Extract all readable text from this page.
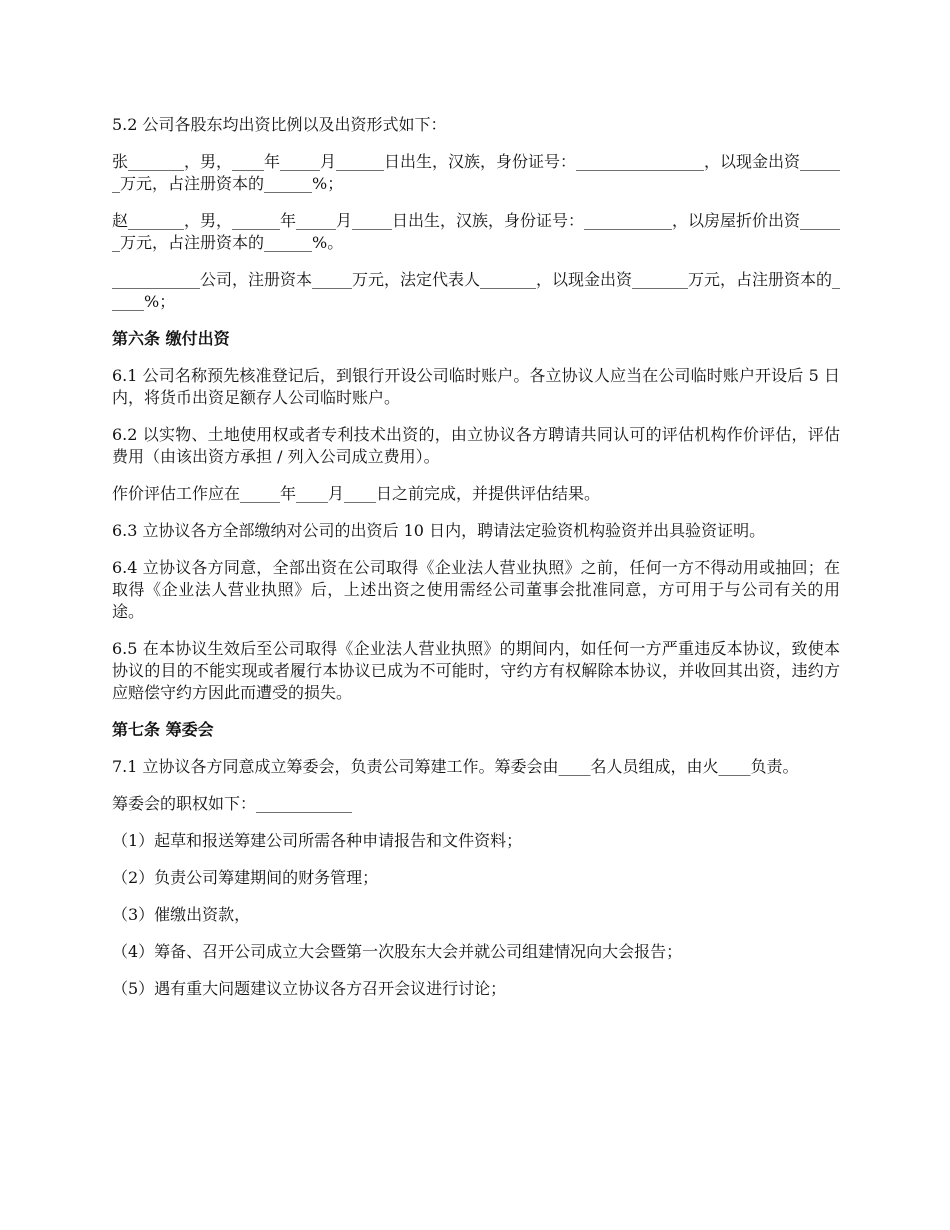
5.2 公司各股东均出资比例以及出资形式如下：

张_______，男，____年_____月______日出生，汉族，身份证号：________________，以现金出资______万元，占注册资本的______%；

赵_______，男，______年_____月_____日出生，汉族，身份证号：___________，以房屋折价出资______万元，占注册资本的______%。

___________公司，注册资本_____万元，法定代表人_______，以现金出资_______万元，占注册资本的_____%；

第六条 缴付出资

6.1 公司名称预先核准登记后，到银行开设公司临时账户。各立协议人应当在公司临时账户开设后 5 日内，将货币出资足额存人公司临时账户。

6.2 以实物、土地使用权或者专利技术出资的，由立协议各方聘请共同认可的评估机构作价评估，评估费用（由该出资方承担 / 列入公司成立费用）。

作价评估工作应在_____年____月____日之前完成，并提供评估结果。

6.3 立协议各方全部缴纳对公司的出资后 10 日内，聘请法定验资机构验资并出具验资证明。

6.4 立协议各方同意，全部出资在公司取得《企业法人营业执照》之前，任何一方不得动用或抽回；在取得《企业法人营业执照》后，上述出资之使用需经公司董事会批准同意，方可用于与公司有关的用途。

6.5 在本协议生效后至公司取得《企业法人营业执照》的期间内，如任何一方严重违反本协议，致使本协议的目的不能实现或者履行本协议已成为不可能时，守约方有权解除本协议，并收回其出资，违约方应赔偿守约方因此而遭受的损失。

第七条 筹委会

7.1 立协议各方同意成立筹委会，负责公司筹建工作。筹委会由____名人员组成，由火____负责。

筹委会的职权如下：____________

（1）起草和报送筹建公司所需各种申请报告和文件资料；

（2）负责公司筹建期间的财务管理；

（3）催缴出资款，

（4）筹备、召开公司成立大会暨第一次股东大会并就公司组建情况向大会报告；

（5）遇有重大问题建议立协议各方召开会议进行讨论；
